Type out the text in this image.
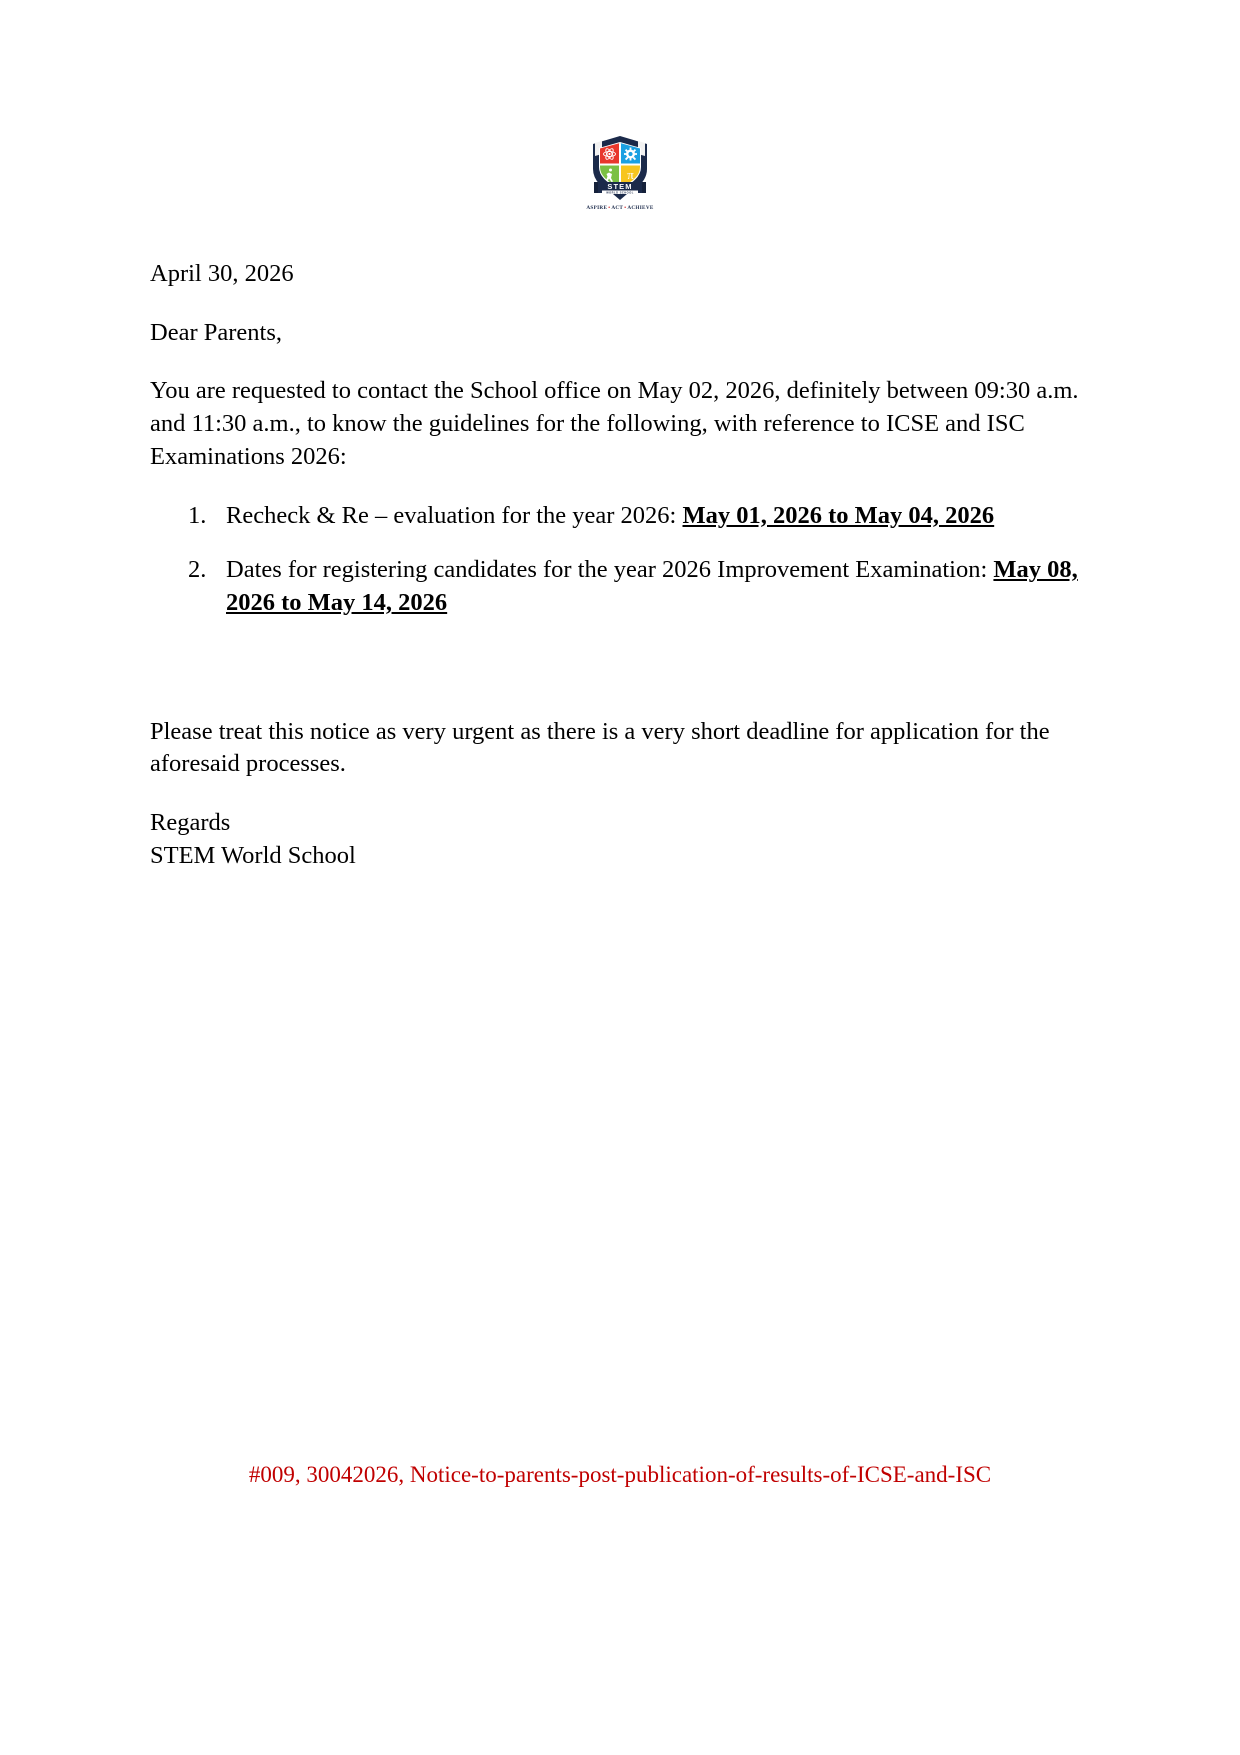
π
STEM
WORLD SCHOOL
ASPIRE•ACT•ACHIEVE

April 30, 2026

Dear Parents,

You are requested to contact the School office on May 02, 2026, definitely between 09:30 a.m. and 11:30 a.m., to know the guidelines for the following, with reference to ICSE and ISC Examinations 2026:

Recheck & Re – evaluation for the year 2026: May 01, 2026 to May 04, 2026
Dates for registering candidates for the year 2026 Improvement Examination: May 08, 2026 to May 14, 2026

Please treat this notice as very urgent as there is a very short deadline for application for the aforesaid processes.

Regards

STEM World School

#009, 30042026, Notice-to-parents-post-publication-of-results-of-ICSE-and-ISC
